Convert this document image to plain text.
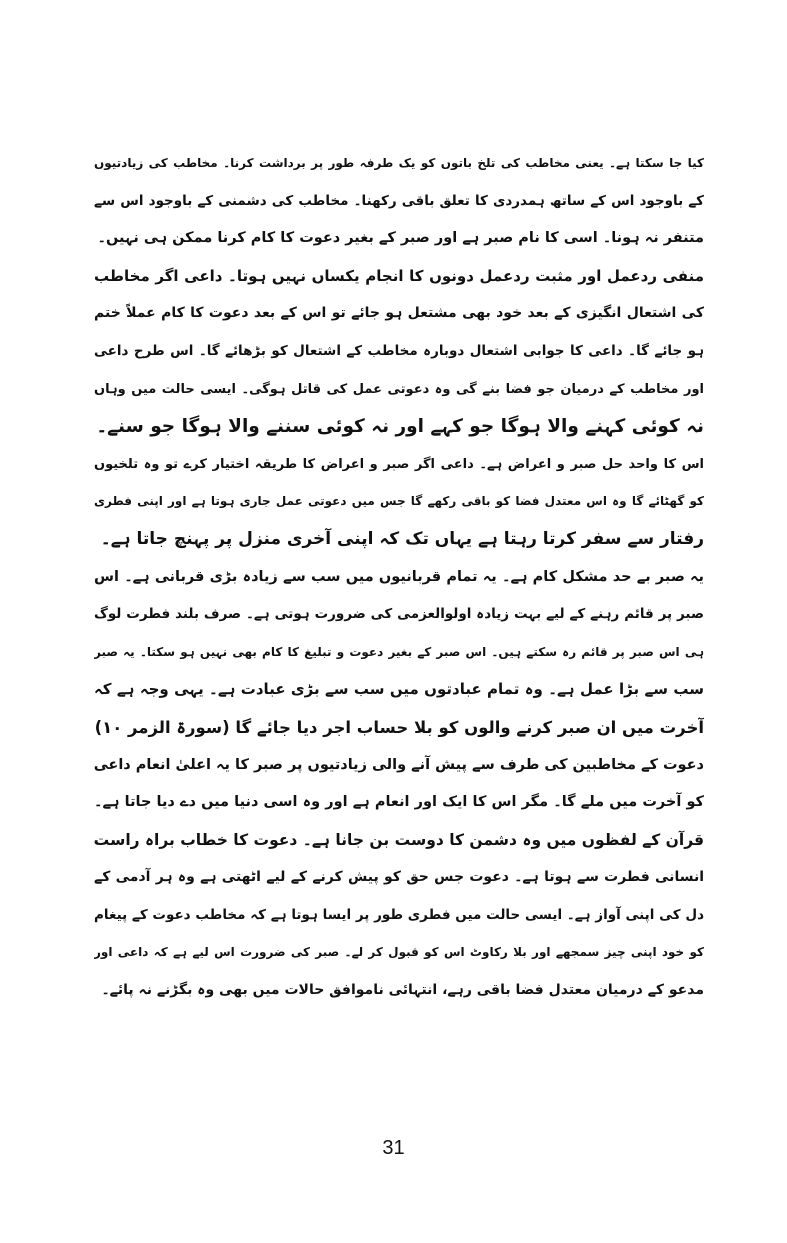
کیا جا سکتا ہے۔ یعنی مخاطب کی تلخ باتوں کو یک طرفہ طور پر برداشت کرنا۔ مخاطب کی زیادتیوں
کے باوجود اس کے ساتھ ہمدردی کا تعلق باقی رکھنا۔ مخاطب کی دشمنی کے باوجود اس سے
متنفر نہ ہونا۔ اسی کا نام صبر ہے اور صبر کے بغیر دعوت کا کام کرنا ممکن ہی نہیں۔
منفی ردعمل اور مثبت ردعمل دونوں کا انجام یکساں نہیں ہوتا۔ داعی اگر مخاطب
کی اشتعال انگیزی کے بعد خود بھی مشتعل ہو جائے تو اس کے بعد دعوت کا کام عملاً ختم
ہو جائے گا۔ داعی کا جوابی اشتعال دوبارہ مخاطب کے اشتعال کو بڑھائے گا۔ اس طرح داعی
اور مخاطب کے درمیان جو فضا بنے گی وہ دعوتی عمل کی قاتل ہوگی۔ ایسی حالت میں وہاں
نہ کوئی کہنے والا ہوگا جو کہے اور نہ کوئی سننے والا ہوگا جو سنے۔
اس کا واحد حل صبر و اعراض ہے۔ داعی اگر صبر و اعراض کا طریقہ اختیار کرے تو وہ تلخیوں
کو گھٹائے گا وہ اس معتدل فضا کو باقی رکھے گا جس میں دعوتی عمل جاری ہوتا ہے اور اپنی فطری
رفتار سے سفر کرتا رہتا ہے یہاں تک کہ اپنی آخری منزل پر پہنچ جاتا ہے۔
یہ صبر بے حد مشکل کام ہے۔ یہ تمام قربانیوں میں سب سے زیادہ بڑی قربانی ہے۔ اس
صبر پر قائم رہنے کے لیے بہت زیادہ اولوالعزمی کی ضرورت ہوتی ہے۔ صرف بلند فطرت لوگ
ہی اس صبر پر قائم رہ سکتے ہیں۔ اس صبر کے بغیر دعوت و تبلیغ کا کام بھی نہیں ہو سکتا۔ یہ صبر
سب سے بڑا عمل ہے۔ وہ تمام عبادتوں میں سب سے بڑی عبادت ہے۔ یہی وجہ ہے کہ
آخرت میں ان صبر کرنے والوں کو بلا حساب اجر دیا جائے گا (سورۃ الزمر ۱۰)
دعوت کے مخاطبین کی طرف سے پیش آنے والی زیادتیوں پر صبر کا یہ اعلیٰ انعام داعی
کو آخرت میں ملے گا۔ مگر اس کا ایک اور انعام ہے اور وہ اسی دنیا میں دے دیا جاتا ہے۔
قرآن کے لفظوں میں وہ دشمن کا دوست بن جانا ہے۔ دعوت کا خطاب براہ راست
انسانی فطرت سے ہوتا ہے۔ دعوت جس حق کو پیش کرنے کے لیے اٹھتی ہے وہ ہر آدمی کے
دل کی اپنی آواز ہے۔ ایسی حالت میں فطری طور پر ایسا ہوتا ہے کہ مخاطب دعوت کے پیغام
کو خود اپنی چیز سمجھے اور بلا رکاوٹ اس کو قبول کر لے۔ صبر کی ضرورت اس لیے ہے کہ داعی اور
مدعو کے درمیان معتدل فضا باقی رہے، انتہائی ناموافق حالات میں بھی وہ بگڑنے نہ پائے۔
31
